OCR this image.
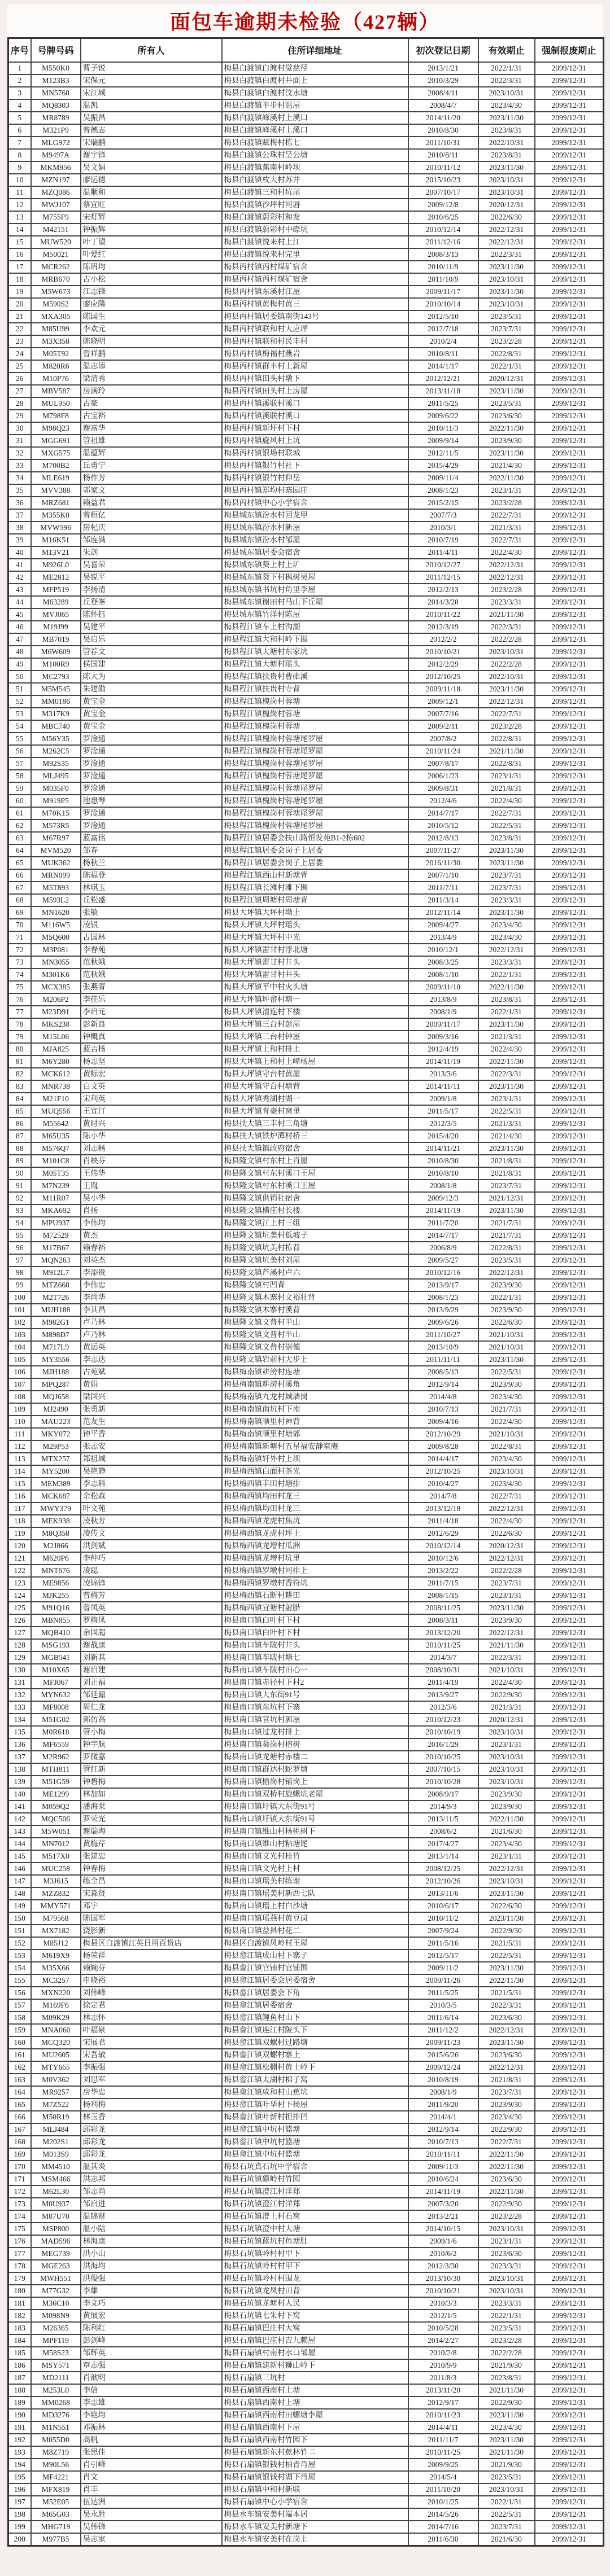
面包车逾期未检验（427辆）
序号	号牌号码	所有人	住所详细地址	初次登记日期	有效期止	强制报废期止
1	M550K0	曹子锐	梅县白渡镇白渡村觉慈径	2013/1/21	2022/1/31	2099/12/31
2	M123B3	宋保元	梅县白渡镇白渡村井面上	2010/3/29	2022/3/31	2099/12/31
3	MN5768	宋江城	梅县白渡镇白渡村汶水塘	2008/4/11	2023/10/31	2099/12/31
4	MQ8303	温凯	梅县白渡镇半步村温屋	2008/4/7	2023/4/30	2099/12/31
5	MR8789	吴振昌	梅县白渡镇峰溪村上溪口	2014/11/20	2023/11/30	2099/12/31
6	M321P9	曾德志	梅县白渡镇峰溪村上溪口	2010/8/30	2023/8/31	2099/12/31
7	MLG972	宋瑞鹏	梅县白渡镇赋梅村栋七	2011/10/31	2022/10/31	2099/12/31
8	M9497A	谢宇锋	梅县白渡镇公珠村呈公塘	2010/8/11	2023/8/31	2099/12/31
9	MKM956	吴文娟	梅县白渡镇蕉南村岭坝	2010/11/12	2023/11/30	2099/12/31
10	MZN197	廖运德	梅县白渡镇枚大村苏井	2015/10/23	2023/10/31	2099/12/31
11	MZQ086	温顺和	梅县白渡镇三和村坑尾	2007/10/17	2023/10/31	2099/12/31
12	MWJ107	蔡宜旺	梅县白渡镇沙坪村河唇	2009/12/8	2020/12/31	2099/12/31
13	M755F9	宋灯辉	梅县白渡镇蔚彩村和发	2010/6/25	2022/6/30	2099/12/31
14	M42151	钟振辉	梅县白渡镇蔚彩村中磜坑	2010/12/14	2022/12/31	2099/12/31
15	MUW520	叶丁望	梅县白渡镇悦来村上江	2011/12/16	2022/12/31	2099/12/31
16	M50021	叶爱红	梅县白渡镇悦来村完里	2008/3/13	2022/3/31	2099/12/31
17	MCR262	陈眉均	梅县丙村镇丙村煤矿宿舍	2010/11/9	2023/11/30	2099/12/31
18	MRB670	古小松	梅县丙村镇丙村煤矿宿舍	2011/10/9	2023/10/31	2099/12/31
19	M5W673	江志锋	梅县丙村镇东溪村江屋	2009/11/17	2023/11/30	2099/12/31
20	M590S2	廖应隆	梅县丙村镇黄梅村黄三	2010/10/14	2023/10/31	2099/12/31
21	MXA305	陈国生	梅县丙村镇居委镇南街143号	2012/5/10	2023/5/31	2099/12/31
22	M85U99	李欢元	梅县丙村镇联和村大应坪	2012/7/18	2023/7/31	2099/12/31
23	M3X358	陈晓明	梅县丙村镇联和村民丰村	2010/2/4	2023/2/28	2099/12/31
24	M05T92	曾祥鹏	梅县丙村镇梅福村燕岩	2010/8/11	2022/8/31	2099/12/31
25	M820R6	温志添	梅县丙村镇群丰村上新屋	2014/1/17	2022/1/31	2099/12/31
26	M10P76	梁清秀	梅县丙村镇田头村墩下	2012/12/21	2020/12/31	2099/12/31
27	MBV587	房满玲	梅县丙村镇田头村上房屋	2013/11/18	2023/11/30	2099/12/31
28	MUL950	古豪	梅县丙村镇溪联村溪口	2011/5/25	2023/5/31	2099/12/31
29	M798F8	古宝裕	梅县丙村镇溪联村溪口	2009/6/22	2023/6/30	2099/12/31
30	M98Q23	谢富华	梅县丙村镇新圩村下村	2010/11/3	2022/11/30	2099/12/31
31	MGG691	管祖雄	梅县丙村镇旋风村上坑	2009/9/14	2023/9/30	2099/12/31
32	MXG575	温蕴辉	梅县丙村镇银场村联城	2012/11/5	2023/11/30	2099/12/31
33	M700B2	丘勇宁	梅县丙村镇银竹村社下	2015/4/29	2021/4/30	2099/12/31
34	MLE619	杨作芳	梅县丙村镇银竹村仰岳	2009/11/4	2022/11/30	2099/12/31
35	MVV388	郭家文	梅县丙村镇郑均村寨园庄	2008/1/23	2023/1/31	2099/12/31
36	MRZ681	赖益君	梅县丙村镇中心小学宿舍	2015/2/15	2023/2/28	2099/12/31
37	M355K0	曾桓亿	梅县城东镇汾水村回龙甲	2007/7/3	2022/7/31	2099/12/31
38	MVW596	房杞庆	梅县城东镇汾水村新屋	2010/3/1	2021/3/31	2099/12/31
39	M16K51	邹连满	梅县城东镇汾水村邹屋	2010/7/19	2022/7/31	2099/12/31
40	M13V21	朱剑	梅县城东镇居委会宿舍	2011/4/11	2022/4/30	2099/12/31
41	M926L0	吴喜荣	梅县城东镇葵上村上圹	2010/12/27	2022/12/31	2099/12/31
42	ME2812	吴锐平	梅县城东镇葵下村枫树吴屋	2011/12/15	2022/12/31	2099/12/31
43	MFP519	李扬清	梅县城东镇书坑村角里李屋	2012/2/13	2023/2/28	2099/12/31
44	M63289	丘登峯	梅县城东镇谢田村马山下丘屋	2014/3/28	2023/3/31	2099/12/31
45	MVJ065	陈怀钰	梅县城东镇竹洋村陈屋	2010/11/22	2021/11/30	2099/12/31
46	M19J99	吴建平	梅县程江镇车上村沟湖	2012/3/19	2022/3/31	2099/12/31
47	MB7019	吴启乐	梅县程江镇大和村岭下围	2012/2/2	2022/2/28	2099/12/31
48	M6W609	管荐文	梅县程江镇大塘村东家坑	2010/10/21	2023/10/31	2099/12/31
49	M100R9	侯国建	梅县程江镇大塘村瑶头	2012/2/29	2022/2/28	2099/12/31
50	MC2793	陈大为	梅县程江镇扶贵村曹碓溪	2012/10/25	2022/10/31	2099/12/31
51	M5M545	朱建勋	梅县程江镇扶贵村寺背	2009/11/18	2023/11/30	2099/12/31
52	MM0186	黄宝金	梅县程江镇槐岗村蓉塘	2009/12/1	2022/12/31	2099/12/31
53	M317K9	黄宝金	梅县程江镇槐岗村蓉塘	2007/7/16	2022/7/31	2099/12/31
54	MBC740	黄宝金	梅县程江镇槐岗村蓉塘	2009/2/11	2023/2/28	2099/12/31
55	M56Y35	罗淦通	梅县程江镇槐岗村蓉塘尾罗屋	2007/8/2	2022/8/31	2099/12/31
56	M262C5	罗淦通	梅县程江镇槐岗村蓉塘尾罗屋	2010/11/24	2021/11/30	2099/12/31
57	M92S35	罗淦通	梅县程江镇槐岗村蓉塘尾罗屋	2007/8/17	2022/8/31	2099/12/31
58	MLJ495	罗淦通	梅县程江镇槐岗村蓉塘尾罗屋	2006/1/23	2023/1/31	2099/12/31
59	M035F0	罗淦通	梅县程江镇槐岗村蓉塘尾罗屋	2009/8/31	2021/8/31	2099/12/31
60	M919P5	池惠琴	梅县程江镇槐岗村蓉塘尾罗屋	2012/4/6	2022/4/30	2099/12/31
61	M70K15	罗淦通	梅县程江镇槐岗村蓉塘尾罗屋	2014/7/17	2022/7/31	2099/12/31
62	M573R5	罗淦通	梅县程江镇槐岗村蓉塘尾罗屋	2010/5/12	2022/5/31	2099/12/31
63	M67R97	蓝富铭	梅县程江镇居委会扶山路恒发苑B1-2栋602	2012/8/13	2023/8/31	2099/12/31
64	MVM520	邹春	梅县程江镇居委会岗子上居委	2007/11/27	2023/11/30	2099/12/31
65	MUK362	杨秋兰	梅县程江镇居委会岗子上居委	2016/11/30	2023/11/30	2099/12/31
66	MRN099	陈福登	梅县程江镇西山村新塘背	2007/1/10	2023/7/31	2099/12/31
67	M5T893	林琪玉	梅县程江镇长滩村滩下围	2011/7/11	2023/7/31	2099/12/31
68	M593L2	丘松盛	梅县程江镇周塘村周塘背	2011/3/14	2023/3/31	2099/12/31
69	MN1620	张敏	梅县大坪镇大坪村坳上	2012/11/14	2023/11/30	2099/12/31
70	M116W5	凌银	梅县大坪镇大坪村瑶头	2009/4/27	2023/4/30	2099/12/31
71	M5Q600	古国林	梅县大坪镇大坪村中光	2013/4/9	2023/4/30	2099/12/31
72	M3P081	李春苑	梅县大坪镇雷甘村浮北塘	2010/12/1	2022/12/31	2099/12/31
73	MN3055	范秋娥	梅县大坪镇雷甘村井头	2008/3/25	2023/3/31	2099/12/31
74	M301K6	范秋娥	梅县大坪镇雷甘村井头	2008/1/10	2022/1/31	2099/12/31
75	MCX385	张燕青	梅县大坪镇平中村火头塘	2009/11/10	2022/11/30	2099/12/31
76	M206P2	李佳乐	梅县大坪镇坪畲村塘一	2013/8/9	2023/8/31	2099/12/31
77	M23D91	李启元	梅县大坪镇清连村下楼	2008/1/9	2022/1/31	2099/12/31
78	MKS238	彭新良	梅县大坪镇三台村彭屋	2009/11/17	2023/11/30	2099/12/31
79	M15L06	钟概真	梅县大坪镇三台村钟屋	2009/3/16	2021/3/31	2099/12/31
80	MJA825	蓝吉杨	梅县大坪镇上和村排上	2012/4/19	2022/4/30	2099/12/31
81	M6Y280	杨志坚	梅县大坪镇上和村上嶂杨屋	2014/11/19	2022/11/30	2099/12/31
82	MCK612	黄标宏	梅县大坪镇守台村黄屋	2013/3/6	2022/3/31	2099/12/31
83	MNR738	白文英	梅县大坪镇守台村塘背	2014/11/11	2023/11/30	2099/12/31
84	M21F10	宋利英	梅县大坪镇秀湖村湖一	2009/1/8	2023/1/31	2099/12/31
85	MUQ556	王宜汀	梅县大坪镇育豪村窝里	2011/5/17	2022/5/31	2099/12/31
86	M55642	黄时兴	梅县扶大镇三丰村三角塘	2012/3/5	2021/3/31	2099/12/31
87	M65U35	陈小华	梅县扶大镇铁炉潭村桥三	2015/4/20	2021/4/30	2099/12/31
88	M576Q7	刘志畅	梅县扶大镇镇政府宿舍	2014/11/21	2023/11/30	2099/12/31
89	M101C8	肖映芬	梅县隆文镇村东村上肖屋	2010/8/30	2021/8/31	2099/12/31
90	M05T35	王伟华	梅县隆文镇村东村溪口王屋	2010/8/10	2021/8/31	2099/12/31
91	M7N239	王胤	梅县隆文镇村东村溪口王屋	2008/1/8	2023/7/31	2099/12/31
92	M11R07	吴小华	梅县隆文镇供销社宿舍	2009/12/3	2021/12/31	2099/12/31
93	MKA692	肖扬	梅县隆文镇横庄村长楼	2014/11/19	2023/11/30	2099/12/31
94	MPU937	李伟均	梅县隆文镇江上村三组	2011/7/20	2021/7/31	2099/12/31
95	M72529	黄杰	梅县隆文镇坑美村低坡子	2014/7/17	2021/7/31	2099/12/31
96	M17B67	赖春裕	梅县隆文镇坑美村栋背	2006/8/9	2022/8/31	2099/12/31
97	MQN263	刘英杰	梅县隆文镇坑美村刘屋	2009/5/27	2023/5/31	2099/12/31
98	M912L7	李添贵	梅县隆文镇芦溪村卢六	2010/12/16	2022/12/31	2099/12/31
99	MTZ668	李伟忠	梅县隆文镇村凹背	2013/9/17	2023/9/30	2099/12/31
100	M2T726	李尚华	梅县隆文镇木寨村文裕壮背	2008/1/23	2022/1/31	2099/12/31
101	MUH188	李其昌	梅县隆文镇木寨村溪背	2013/9/29	2023/9/30	2099/12/31
102	M982G1	卢乃林	梅县隆文镇文普村半山	2009/6/26	2022/6/30	2099/12/31
103	M898D7	卢乃林	梅县隆文镇文普村半山	2011/10/27	2021/10/31	2099/12/31
104	M717L9	黄运英	梅县隆文镇文普村崇德	2013/10/9	2021/10/31	2099/12/31
105	MY3556	李志达	梅县隆文镇岩前村大步上	2011/11/11	2023/11/30	2099/12/31
106	MJH188	古苑斌	梅县梅南镇耕滂村连塘	2008/5/13	2022/5/31	2099/12/31
107	MPQ287	黄娟	梅县梅南镇耕滂村溪角	2012/9/14	2023/9/30	2099/12/31
108	MQJ658	梁国兴	梅县梅南镇九龙村城墙岗	2014/4/8	2023/4/30	2099/12/31
109	MJ2490	张勇新	梅县梅南镇南坑村下南	2010/7/13	2021/7/31	2099/12/31
110	MAU223	范友生	梅县梅南镇顺里村神背	2009/4/16	2022/4/30	2099/12/31
111	MKY072	钟平香	梅县梅南镇顺里村塘郊	2012/10/29	2021/10/31	2099/12/31
112	M29P53	张志安	梅县梅南镇新塘村五星福安静室庵	2009/8/28	2022/8/31	2099/12/31
113	MTX257	郑祖城	梅县梅南镇轩外村上坝	2014/4/17	2023/4/30	2099/12/31
114	MY5200	吴艳静	梅县梅西镇白面村茶光	2012/10/25	2023/10/31	2099/12/31
115	MEM389	李志科	梅县梅西镇丰田村塘排	2010/4/27	2023/4/30	2099/12/31
116	MCK687	余松森	梅县梅西镇均田村龙三	2014/7/8	2022/7/31	2099/12/31
117	MWY379	叶文苑	梅县梅西镇均田村龙三	2013/12/18	2022/12/31	2099/12/31
118	MEK938	凌秋芳	梅县梅西镇龙虎村焦坑	2011/4/18	2022/4/30	2099/12/31
119	M8Q358	凌传文	梅县梅西镇龙虎村坪上	2012/6/29	2022/6/30	2099/12/31
120	M2J866	洪剑斌	梅县梅西镇龙增村瓜洲	2010/12/14	2020/12/31	2099/12/31
121	M620P6	李仲巧	梅县梅西镇龙增村坑里	2010/12/6	2022/12/31	2099/12/31
122	MNT676	凌聪	梅县梅西镇罗墩村河排上	2013/2/22	2022/2/28	2099/12/31
123	ME9856	凌锦锋	梅县梅西镇罗墩村香符坑	2011/7/15	2023/7/31	2099/12/31
124	MJK255	曾梅芳	梅县梅西镇石断村耕田	2008/1/15	2023/1/31	2099/12/31
125	M91Q16	曾凤英	梅县梅西镇宜塘村射腊	2008/11/25	2023/11/30	2099/12/31
126	MBN855	罗梅凤	梅县南口镇白叶村下村	2008/3/11	2023/9/30	2099/12/31
127	MQB410	余国超	梅县南口镇白叶村下村	2013/12/20	2022/12/31	2099/12/31
128	MSG193	谢战康	梅县南口镇车陂村井头	2010/11/25	2021/11/30	2099/12/31
129	MGB541	刘新其	梅县南口镇车陂村塘七	2014/3/7	2022/3/31	2099/12/31
130	M10X65	谢启建	梅县南口镇车陂村田心一	2008/10/31	2021/10/31	2099/12/31
131	MFJ067	刘正福	梅县南口镇赤径村下村2	2011/4/19	2022/4/30	2099/12/31
132	MYN632	邹延鼐	梅县南口镇大东街91号	2013/9/27	2022/9/30	2099/12/31
133	MF8008	周仁龙	梅县南口镇东坑村下寨	2012/3/6	2021/3/31	2099/12/31
134	M51G02	郭仿高	梅县南口镇官坑村郭屋	2010/12/23	2020/12/31	2099/12/31
135	M0R618	管小梅	梅县南口镇过龙村排上	2010/10/19	2023/10/31	2099/12/31
136	MF6559	钟宇航	梅县南口镇葵岗村榕树	2016/1/29	2023/1/31	2099/12/31
137	M2R962	罗微嘉	梅县南口镇龙塘村赤楼二	2010/10/25	2023/10/31	2099/12/31
138	MTH811	管红新	梅县南口镇群达村蛇罗塘	2007/10/15	2023/10/31	2099/12/31
139	M51G59	钟碧梅	梅县南口镇榕岗村铺岗上	2010/10/28	2023/10/31	2099/12/31
140	ME1299	林加如	梅县南口镇双桥村旋螺坑老屋	2008/9/17	2023/9/30	2099/12/31
141	M059Q2	潘海棠	梅县南口镇圩镇大东街91号	2014/9/3	2023/9/30	2099/12/31
142	MQC506	罗荣光	梅县南口镇圩镇大东街91号	2013/11/5	2022/11/30	2099/12/31
143	M5W051	谢瑞海	梅县南口镇维山村杨桃树下	2008/6/2	2021/6/30	2099/12/31
144	MN7012	黄梅芹	梅县南口镇维山村粘塘尾	2017/4/27	2023/4/30	2099/12/31
145	M517X0	张建忠	梅县南口镇文光村桂竹	2013/1/14	2023/1/31	2099/12/31
146	MUC258	钟春梅	梅县南口镇文光村上村	2008/12/25	2022/12/31	2099/12/31
147	M3J615	练全昌	梅县南口镇瑶美村练谢	2012/10/26	2023/10/31	2099/12/31
148	MZZ832	宋淼贤	梅县南口镇瑶美村新西七队	2013/11/6	2023/11/30	2099/12/31
149	MMY571	邓宇	梅县南口镇瑶上村白沙塘	2010/6/17	2022/6/30	2099/12/31
150	M79568	陈国军	梅县南口镇瑶燕村黄豆岗	2010/11/2	2023/11/30	2099/12/31
151	MX7182	饶影新	梅县南口镇益昌村花二	2007/9/24	2022/9/30	2099/12/31
152	M85J12	梅县区白渡镇江英日用百货店	梅县区白渡镇凤岭村王屋	2011/5/16	2021/5/31	2099/12/31
153	M619X9	杨荣祥	梅县畲江镇成山村下寨子	2012/5/17	2022/5/31	2099/12/31
154	M35X66	赖婉芬	梅县畲江镇官铺村官铺围	2009/11/2	2023/11/30	2099/12/31
155	MC3257	申晓裕	梅县畲江镇居委会居委宿舍	2009/11/26	2022/11/30	2099/12/31
156	MXN220	刘伟峰	梅县畲江镇居委会下角	2011/5/25	2021/5/31	2099/12/31
157	M169F6	徐定君	梅县畲江镇居委宿舍	2010/3/5	2022/3/31	2099/12/31
158	M09K29	林志怀	梅县畲江镇鲤鱼村山下	2011/6/14	2023/6/30	2099/12/31
159	MNA060	叶福泉	梅县畲江镇连江村陂头下	2011/12/2	2022/12/31	2099/12/31
160	MCQ320	宋展君	梅县畲江镇双螺村过路塘	2009/11/23	2023/11/30	2099/12/31
161	MU2605	宋吾敏	梅县畲江镇双螺村寨上	2015/6/26	2023/6/30	2099/12/31
162	MTY665	李振强	梅县畲江镇松棚村黄土岭下	2009/12/24	2022/12/31	2099/12/31
163	M0V362	刘思军	梅县畲江镇太湖村棉子窝	2010/8/19	2021/8/31	2099/12/31
164	MR9257	房华忠	梅县畲江镇咸和村山蕉坑	2008/1/9	2023/7/31	2099/12/31
165	M7Z522	杨利梅	梅县畲江镇叶华村下杨屋	2011/9/20	2023/9/30	2099/12/31
166	M50R19	林玉香	梅县畲江镇叶新村担排凹	2014/4/1	2023/4/30	2099/12/31
167	MLJ484	邱彩龙	梅县畲江镇中坑村篮塘	2012/9/14	2022/9/30	2099/12/31
168	M202S1	邱彩龙	梅县畲江镇中坑村篮塘	2010/7/13	2022/7/31	2099/12/31
169	M013S9	邱彩龙	梅县畲江镇中坑村篮塘	2010/11/11	2022/11/30	2099/12/31
170	MM4510	温其炎	梅县石坑真石坑中学宿舍	2009/11/3	2022/11/30	2099/12/31
171	MSM466	洪志邦	梅县石坑镇磜岭村竹园	2010/6/24	2023/6/30	2099/12/31
172	M62L30	邹志尚	梅县石坑镇澄江村洋郑	2014/11/19	2022/11/30	2099/12/31
173	M0U937	邹启进	梅县石坑镇澄江村洋郑	2007/3/20	2022/9/30	2099/12/31
174	M87U70	温锦财	梅县石坑镇澄上村石窝	2013/2/21	2023/2/28	2099/12/31
175	MSP800	温小陆	梅县石坑镇澄中村大塘	2014/10/15	2023/10/31	2099/12/31
176	MAD596	林海康	梅县石坑镇蓝坑村鱼塘肚	2009/1/6	2023/1/31	2099/12/31
177	MEG739	洪小山	梅县石坑镇岭村村甲下	2010/6/2	2023/6/30	2099/12/31
178	MGE263	洪海均	梅县石坑镇岭村村甲下	2012/3/30	2023/3/31	2099/12/31
179	MWH551	洪俊强	梅县石坑镇岭村村围龙	2013/10/30	2023/10/31	2099/12/31
180	M77G32	李雄	梅县石坑镇龙凤村田背	2010/10/21	2023/10/31	2099/12/31
181	M36C10	李文巧	梅县石坑镇龙塘村人民	2010/3/3	2023/3/31	2099/12/31
182	M098N9	黄展宏	梅县石坑镇七朱村下窝	2012/1/5	2022/1/31	2099/12/31
183	M26365	陈利红	梅县石扇镇巴庄村大窝	2010/5/28	2023/5/31	2099/12/31
184	MPF119	彭剑峰	梅县石扇镇巴庄村吉九赖屋	2014/2/27	2023/2/28	2099/12/31
185	M58S23	邹辉英	梅县石扇镇村南村水口邹屋	2010/2/8	2022/2/28	2099/12/31
186	MSY571	章志强	梅县石扇镇建新村狮山岭下	2010/9/9	2021/9/30	2099/12/31
187	MD2111	肖歆明	梅县石扇镇三坑村	2011/8/3	2023/8/31	2099/12/31
188	M253L0	李信	梅县石扇镇西南村上塘	2013/11/20	2021/11/30	2099/12/31
189	MM0268	李志雄	梅县石扇镇西南村上塘	2012/9/17	2022/9/30	2099/12/31
190	MD3276	李艳均	梅县石扇镇西南村田螺塘李屋	2010/11/23	2023/11/30	2099/12/31
191	M1N551	邓振林	梅县石扇镇西南村下屋	2014/4/11	2023/4/30	2099/12/31
192	M055D0	高帆	梅县石扇镇西南村竹园下	2011/11/7	2023/11/30	2099/12/31
193	M8Z719	张思佳	梅县石扇镇新东村蕉林竹二	2010/11/25	2021/11/30	2099/12/31
194	M90L56	肖引峰	梅县石扇镇银钱村柏青肖屋	2009/9/25	2021/9/30	2099/12/31
195	MF4221	肖文	梅县石扇镇银钱村湖下肖屋	2014/5/4	2023/5/31	2099/12/31
196	MFX819	肖丰	梅县石扇镇中和村新联	2011/10/20	2023/10/31	2099/12/31
197	M52E05	伍达洲	梅县石扇镇中心小学宿舍	2010/1/25	2022/1/31	2099/12/31
198	M65G03	吴永胜	梅县水车镇安美村端本居	2014/5/26	2022/5/31	2099/12/31
199	MHG719	吴伟锋	梅县水车镇安美村新塘下	2014/7/16	2023/7/31	2099/12/31
200	M977B5	吴志家	梅县水车镇安美村在岗上	2011/6/30	2021/6/30	2099/12/31
